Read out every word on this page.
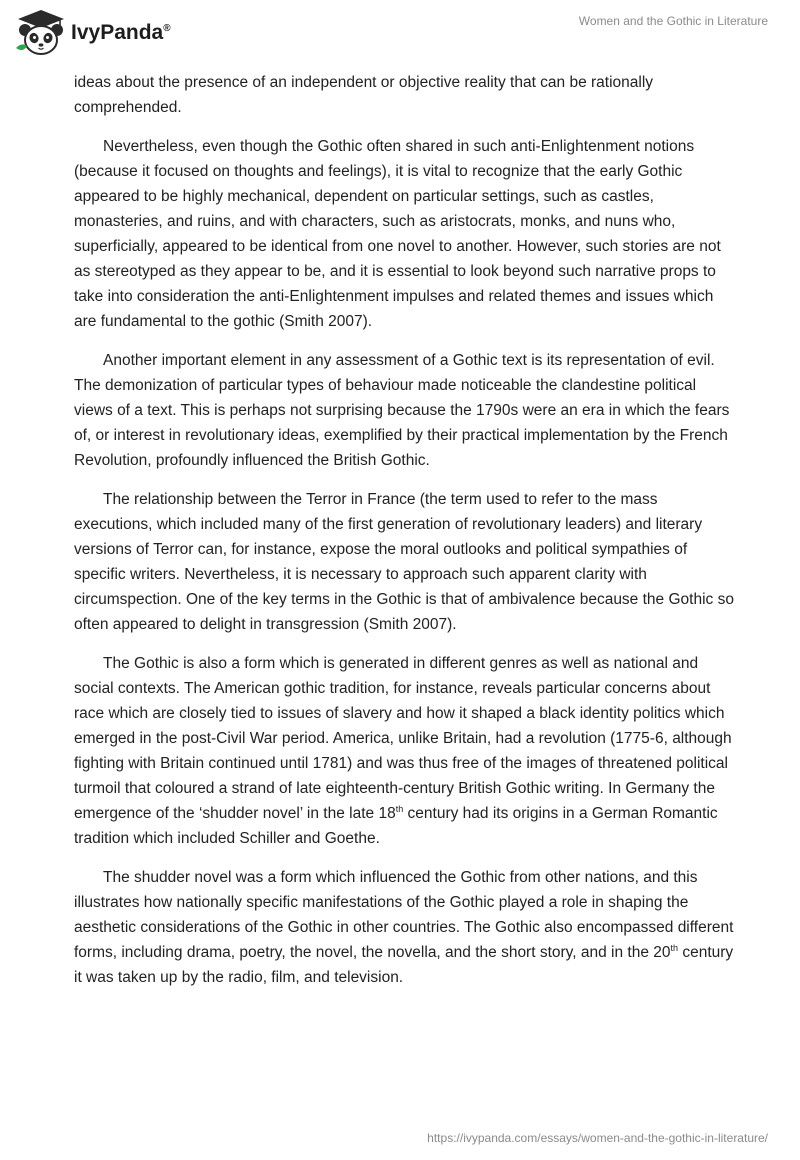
IvyPanda®
Women and the Gothic in Literature

ideas about the presence of an independent or objective reality that can be rationally comprehended.

Nevertheless, even though the Gothic often shared in such anti-Enlightenment notions (because it focused on thoughts and feelings), it is vital to recognize that the early Gothic appeared to be highly mechanical, dependent on particular settings, such as castles, monasteries, and ruins, and with characters, such as aristocrats, monks, and nuns who, superficially, appeared to be identical from one novel to another. However, such stories are not as stereotyped as they appear to be, and it is essential to look beyond such narrative props to take into consideration the anti-Enlightenment impulses and related themes and issues which are fundamental to the gothic (Smith 2007).

Another important element in any assessment of a Gothic text is its representation of evil. The demonization of particular types of behaviour made noticeable the clandestine political views of a text. This is perhaps not surprising because the 1790s were an era in which the fears of, or interest in revolutionary ideas, exemplified by their practical implementation by the French Revolution, profoundly influenced the British Gothic.

The relationship between the Terror in France (the term used to refer to the mass executions, which included many of the first generation of revolutionary leaders) and literary versions of Terror can, for instance, expose the moral outlooks and political sympathies of specific writers. Nevertheless, it is necessary to approach such apparent clarity with circumspection. One of the key terms in the Gothic is that of ambivalence because the Gothic so often appeared to delight in transgression (Smith 2007).

The Gothic is also a form which is generated in different genres as well as national and social contexts. The American gothic tradition, for instance, reveals particular concerns about race which are closely tied to issues of slavery and how it shaped a black identity politics which emerged in the post-Civil War period. America, unlike Britain, had a revolution (1775-6, although fighting with Britain continued until 1781) and was thus free of the images of threatened political turmoil that coloured a strand of late eighteenth-century British Gothic writing. In Germany the emergence of the ‘shudder novel’ in the late 18th century had its origins in a German Romantic tradition which included Schiller and Goethe.

The shudder novel was a form which influenced the Gothic from other nations, and this illustrates how nationally specific manifestations of the Gothic played a role in shaping the aesthetic considerations of the Gothic in other countries. The Gothic also encompassed different forms, including drama, poetry, the novel, the novella, and the short story, and in the 20th century it was taken up by the radio, film, and television.

https://ivypanda.com/essays/women-and-the-gothic-in-literature/
